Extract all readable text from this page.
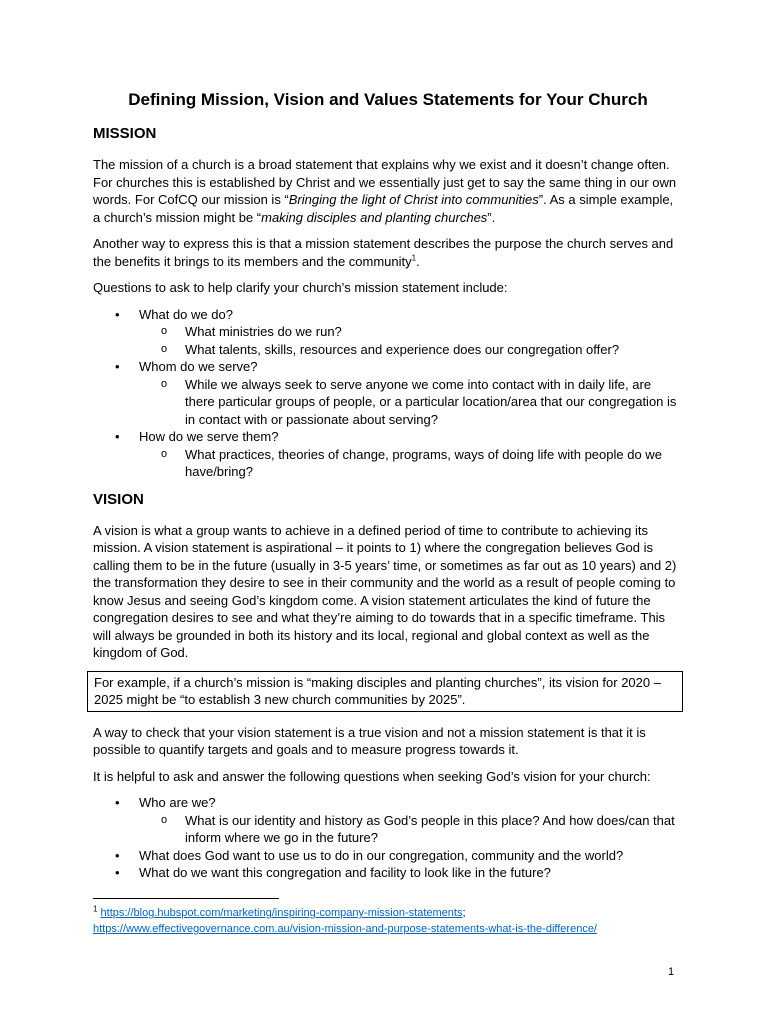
Defining Mission, Vision and Values Statements for Your Church
MISSION

The mission of a church is a broad statement that explains why we exist and it doesn’t change often. For churches this is established by Christ and we essentially just get to say the same thing in our own words. For CofCQ our mission is “Bringing the light of Christ into communities”. As a simple example, a church’s mission might be “making disciples and planting churches”.

Another way to express this is that a mission statement describes the purpose the church serves and the benefits it brings to its members and the community$^1$.

Questions to ask to help clarify your church’s mission statement include:

• What do we do?
o What ministries do we run?
o What talents, skills, resources and experience does our congregation offer?
• Whom do we serve?
o While we always seek to serve anyone we come into contact with in daily life, are there particular groups of people, or a particular location/area that our congregation is in contact with or passionate about serving?
• How do we serve them?
o What practices, theories of change, programs, ways of doing life with people do we have/bring?
VISION

A vision is what a group wants to achieve in a defined period of time to contribute to achieving its mission. A vision statement is aspirational – it points to 1) where the congregation believes God is calling them to be in the future (usually in 3-5 years’ time, or sometimes as far out as 10 years) and 2) the transformation they desire to see in their community and the world as a result of people coming to know Jesus and seeing God’s kingdom come. A vision statement articulates the kind of future the congregation desires to see and what they’re aiming to do towards that in a specific timeframe. This will always be grounded in both its history and its local, regional and global context as well as the kingdom of God.

For example, if a church’s mission is “making disciples and planting churches”, its vision for 2020 – 2025 might be “to establish 3 new church communities by 2025”.

A way to check that your vision statement is a true vision and not a mission statement is that it is possible to quantify targets and goals and to measure progress towards it.

It is helpful to ask and answer the following questions when seeking God’s vision for your church:

• Who are we?
o What is our identity and history as God’s people in this place? And how does/can that inform where we go in the future?
• What does God want to use us to do in our congregation, community and the world?
• What do we want this congregation and facility to look like in the future?
$^1$ https://blog.hubspot.com/marketing/inspiring-company-mission-statements;
https://www.effectivegovernance.com.au/vision-mission-and-purpose-statements-what-is-the-difference/
1
